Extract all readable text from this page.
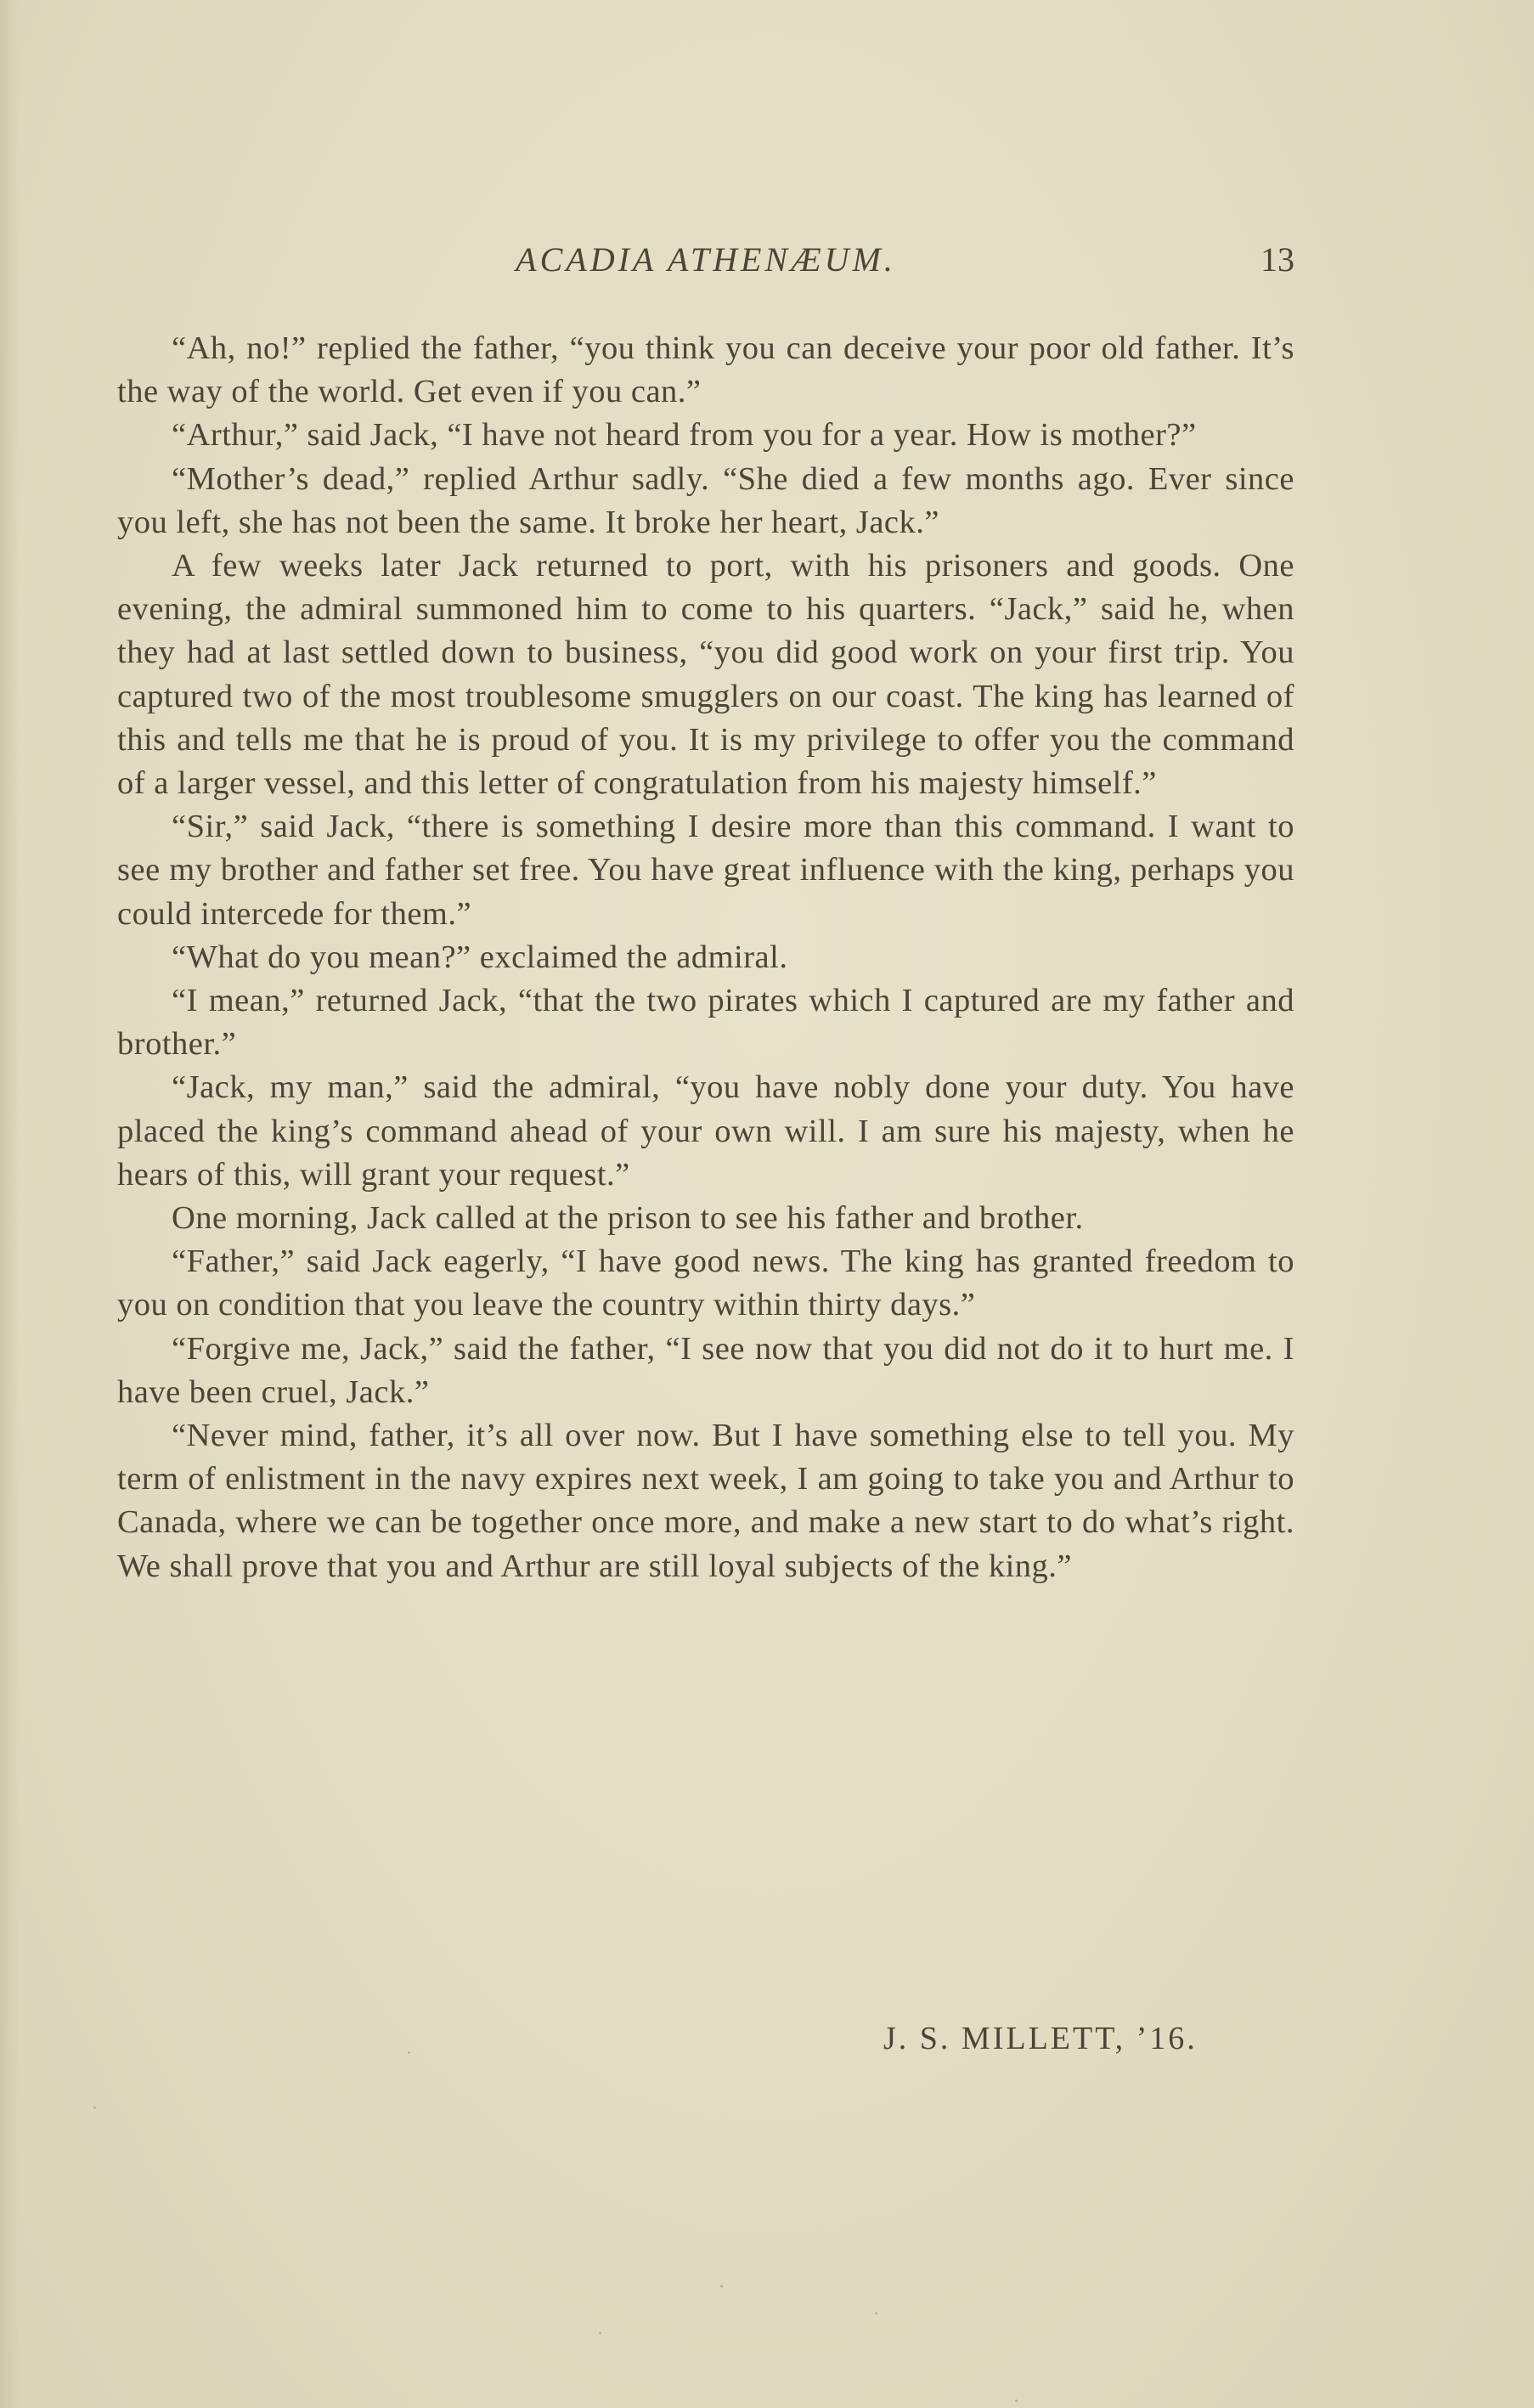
ACADIA ATHENÆUM.	13

“Ah, no!” replied the father, “you think you can deceive your poor old father. It’s the way of the world. Get even if you can.”

“Arthur,” said Jack, “I have not heard from you for a year. How is mother?”

“Mother’s dead,” replied Arthur sadly. “She died a few months ago. Ever since you left, she has not been the same. It broke her heart, Jack.”

A few weeks later Jack returned to port, with his prisoners and goods. One evening, the admiral summoned him to come to his quarters. “Jack,” said he, when they had at last settled down to business, “you did good work on your first trip. You captured two of the most troublesome smugglers on our coast. The king has learned of this and tells me that he is proud of you. It is my privilege to offer you the command of a larger vessel, and this letter of congratulation from his majesty himself.”

“Sir,” said Jack, “there is something I desire more than this command. I want to see my brother and father set free. You have great influence with the king, perhaps you could intercede for them.”

“What do you mean?” exclaimed the admiral.

“I mean,” returned Jack, “that the two pirates which I captured are my father and brother.”

“Jack, my man,” said the admiral, “you have nobly done your duty. You have placed the king’s command ahead of your own will. I am sure his majesty, when he hears of this, will grant your request.”

One morning, Jack called at the prison to see his father and brother.

“Father,” said Jack eagerly, “I have good news. The king has granted freedom to you on condition that you leave the country within thirty days.”

“Forgive me, Jack,” said the father, “I see now that you did not do it to hurt me. I have been cruel, Jack.”

“Never mind, father, it’s all over now. But I have something else to tell you. My term of enlistment in the navy expires next week, I am going to take you and Arthur to Canada, where we can be together once more, and make a new start to do what’s right. We shall prove that you and Arthur are still loyal subjects of the king.”

J. S. MILLETT, ’16.
